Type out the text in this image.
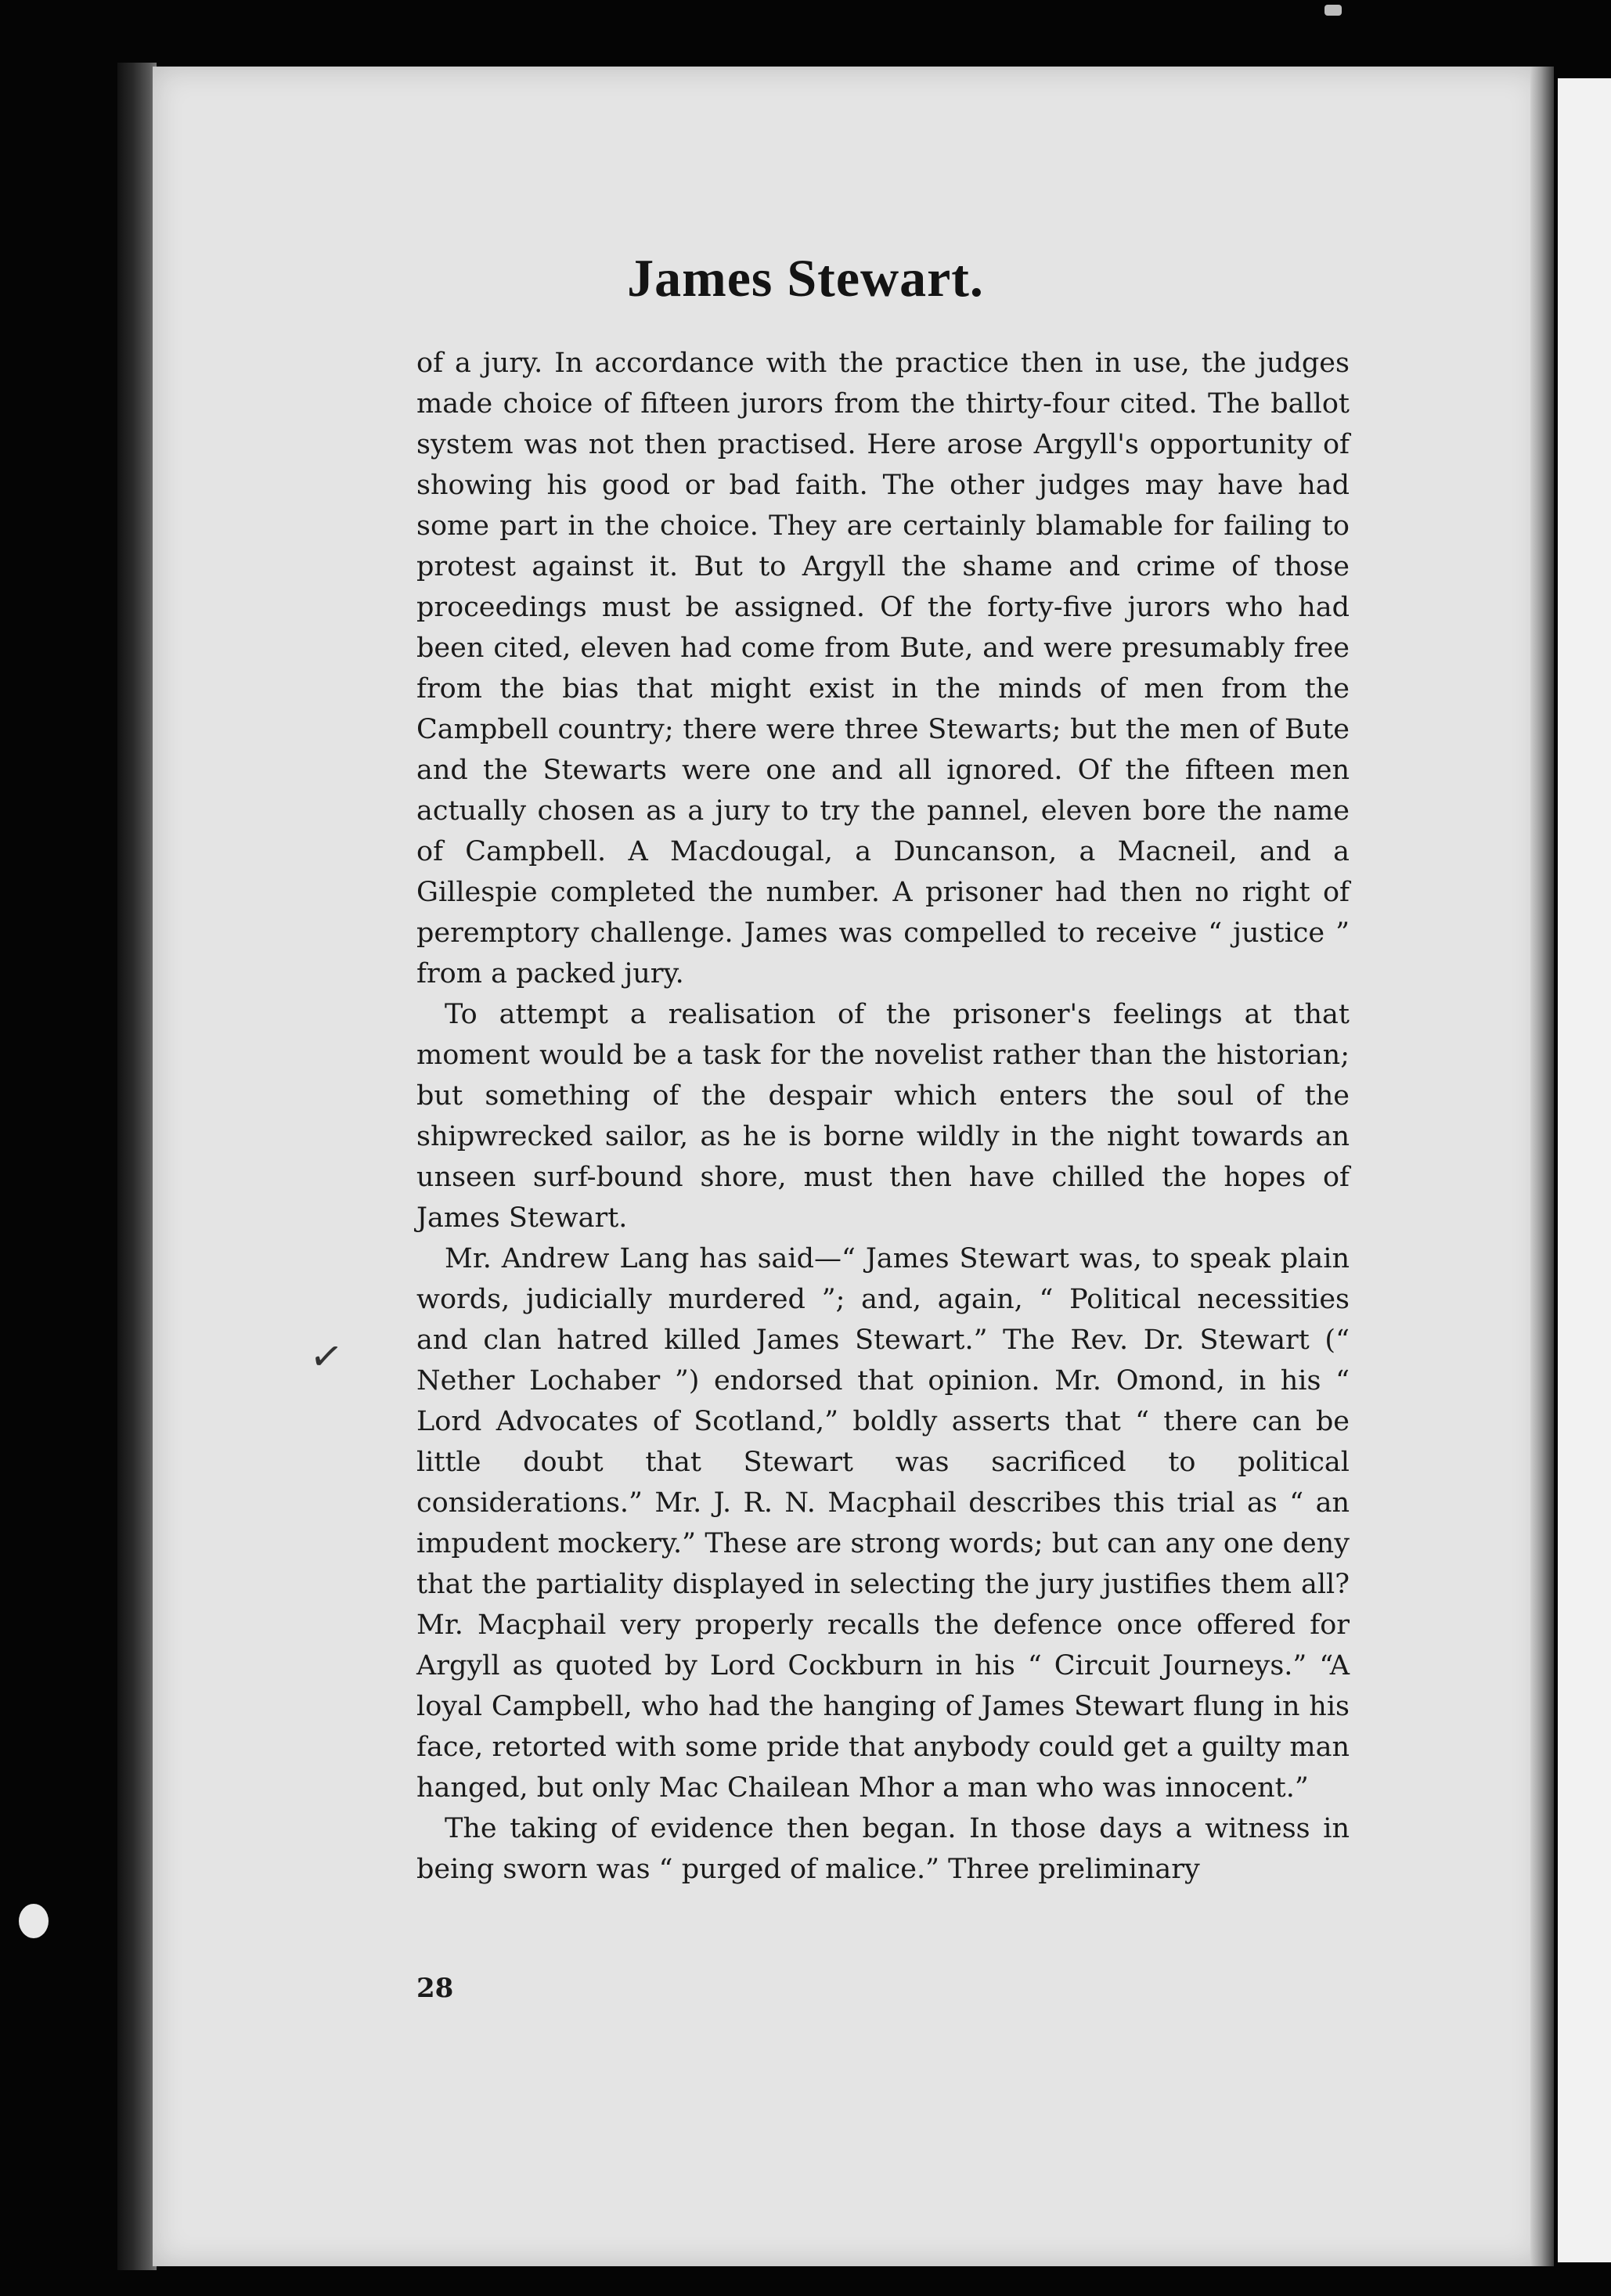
James Stewart.

of a jury. In accordance with the practice then in use, the judges made choice of fifteen jurors from the thirty-four cited. The ballot system was not then practised. Here arose Argyll's opportunity of showing his good or bad faith. The other judges may have had some part in the choice. They are certainly blamable for failing to protest against it. But to Argyll the shame and crime of those proceedings must be assigned. Of the forty-five jurors who had been cited, eleven had come from Bute, and were presumably free from the bias that might exist in the minds of men from the Campbell country; there were three Stewarts; but the men of Bute and the Stewarts were one and all ignored. Of the fifteen men actually chosen as a jury to try the pannel, eleven bore the name of Campbell. A Macdougal, a Duncanson, a Macneil, and a Gillespie completed the number. A prisoner had then no right of peremptory challenge. James was compelled to receive “ justice ” from a packed jury.

To attempt a realisation of the prisoner's feelings at that moment would be a task for the novelist rather than the historian; but something of the despair which enters the soul of the shipwrecked sailor, as he is borne wildly in the night towards an unseen surf-bound shore, must then have chilled the hopes of James Stewart.

Mr. Andrew Lang has said—“ James Stewart was, to speak plain words, judicially murdered ”; and, again, “ Political necessities and clan hatred killed James Stewart.” The Rev. Dr. Stewart (“ Nether Lochaber ”) endorsed that opinion. Mr. Omond, in his “ Lord Advocates of Scotland,” boldly asserts that “ there can be little doubt that Stewart was sacrificed to political considerations.” Mr. J. R. N. Macphail describes this trial as “ an impudent mockery.” These are strong words; but can any one deny that the partiality displayed in selecting the jury justifies them all? Mr. Macphail very properly recalls the defence once offered for Argyll as quoted by Lord Cockburn in his “ Circuit Journeys.” “A loyal Campbell, who had the hanging of James Stewart flung in his face, retorted with some pride that anybody could get a guilty man hanged, but only Mac Chailean Mhor a man who was innocent.”

The taking of evidence then began. In those days a witness in being sworn was “ purged of malice.” Three preliminary

✓
28
